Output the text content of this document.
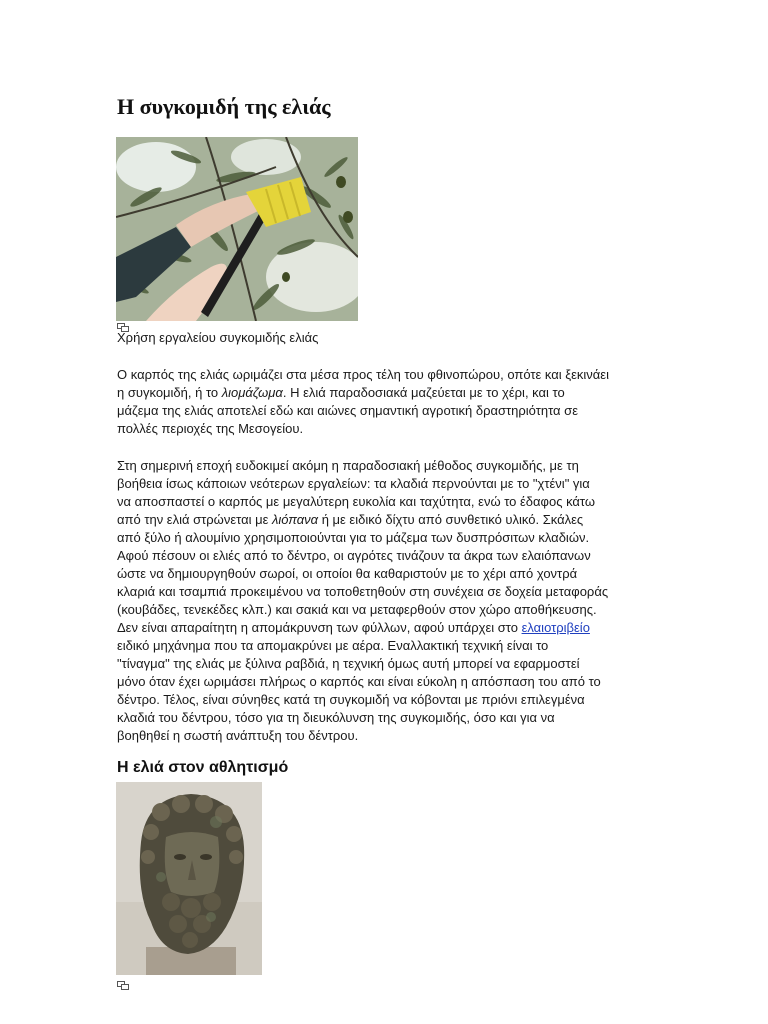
Η συγκομιδή της ελιάς

Χρήση εργαλείου συγκομιδής ελιάς

Ο καρπός της ελιάς ωριμάζει στα μέσα προς τέλη του φθινοπώρου, οπότε και ξεκινάει
η συγκομιδή, ή το λιομάζωμα. Η ελιά παραδοσιακά μαζεύεται με το χέρι, και το
μάζεμα της ελιάς αποτελεί εδώ και αιώνες σημαντική αγροτική δραστηριότητα σε
πολλές περιοχές της Μεσογείου.
Στη σημερινή εποχή ευδοκιμεί ακόμη η παραδοσιακή μέθοδος συγκομιδής, με τη
βοήθεια ίσως κάποιων νεότερων εργαλείων: τα κλαδιά περνούνται με το "χτένι" για
να αποσπαστεί ο καρπός με μεγαλύτερη ευκολία και ταχύτητα, ενώ το έδαφος κάτω
από την ελιά στρώνεται με λιόπανα ή με ειδικό δίχτυ από συνθετικό υλικό. Σκάλες
από ξύλο ή αλουμίνιο χρησιμοποιούνται για το μάζεμα των δυσπρόσιτων κλαδιών.
Αφού πέσουν οι ελιές από το δέντρο, οι αγρότες τινάζουν τα άκρα των ελαιόπανων
ώστε να δημιουργηθούν σωροί, οι οποίοι θα καθαριστούν με το χέρι από χοντρά
κλαριά και τσαμπιά προκειμένου να τοποθετηθούν στη συνέχεια σε δοχεία μεταφοράς
(κουβάδες, τενεκέδες κλπ.) και σακιά και να μεταφερθούν στον χώρο αποθήκευσης.
Δεν είναι απαραίτητη η απομάκρυνση των φύλλων, αφού υπάρχει στο ελαιοτριβείο
ειδικό μηχάνημα που τα απομακρύνει με αέρα. Εναλλακτική τεχνική είναι το
"τίναγμα" της ελιάς με ξύλινα ραβδιά, η τεχνική όμως αυτή μπορεί να εφαρμοστεί
μόνο όταν έχει ωριμάσει πλήρως ο καρπός και είναι εύκολη η απόσπαση του από το
δέντρο. Τέλος, είναι σύνηθες κατά τη συγκομιδή να κόβονται με πριόνι επιλεγμένα
κλαδιά του δέντρου, τόσο για τη διευκόλυνση της συγκομιδής, όσο και για να
βοηθηθεί η σωστή ανάπτυξη του δέντρου.
Η ελιά στον αθλητισμό
